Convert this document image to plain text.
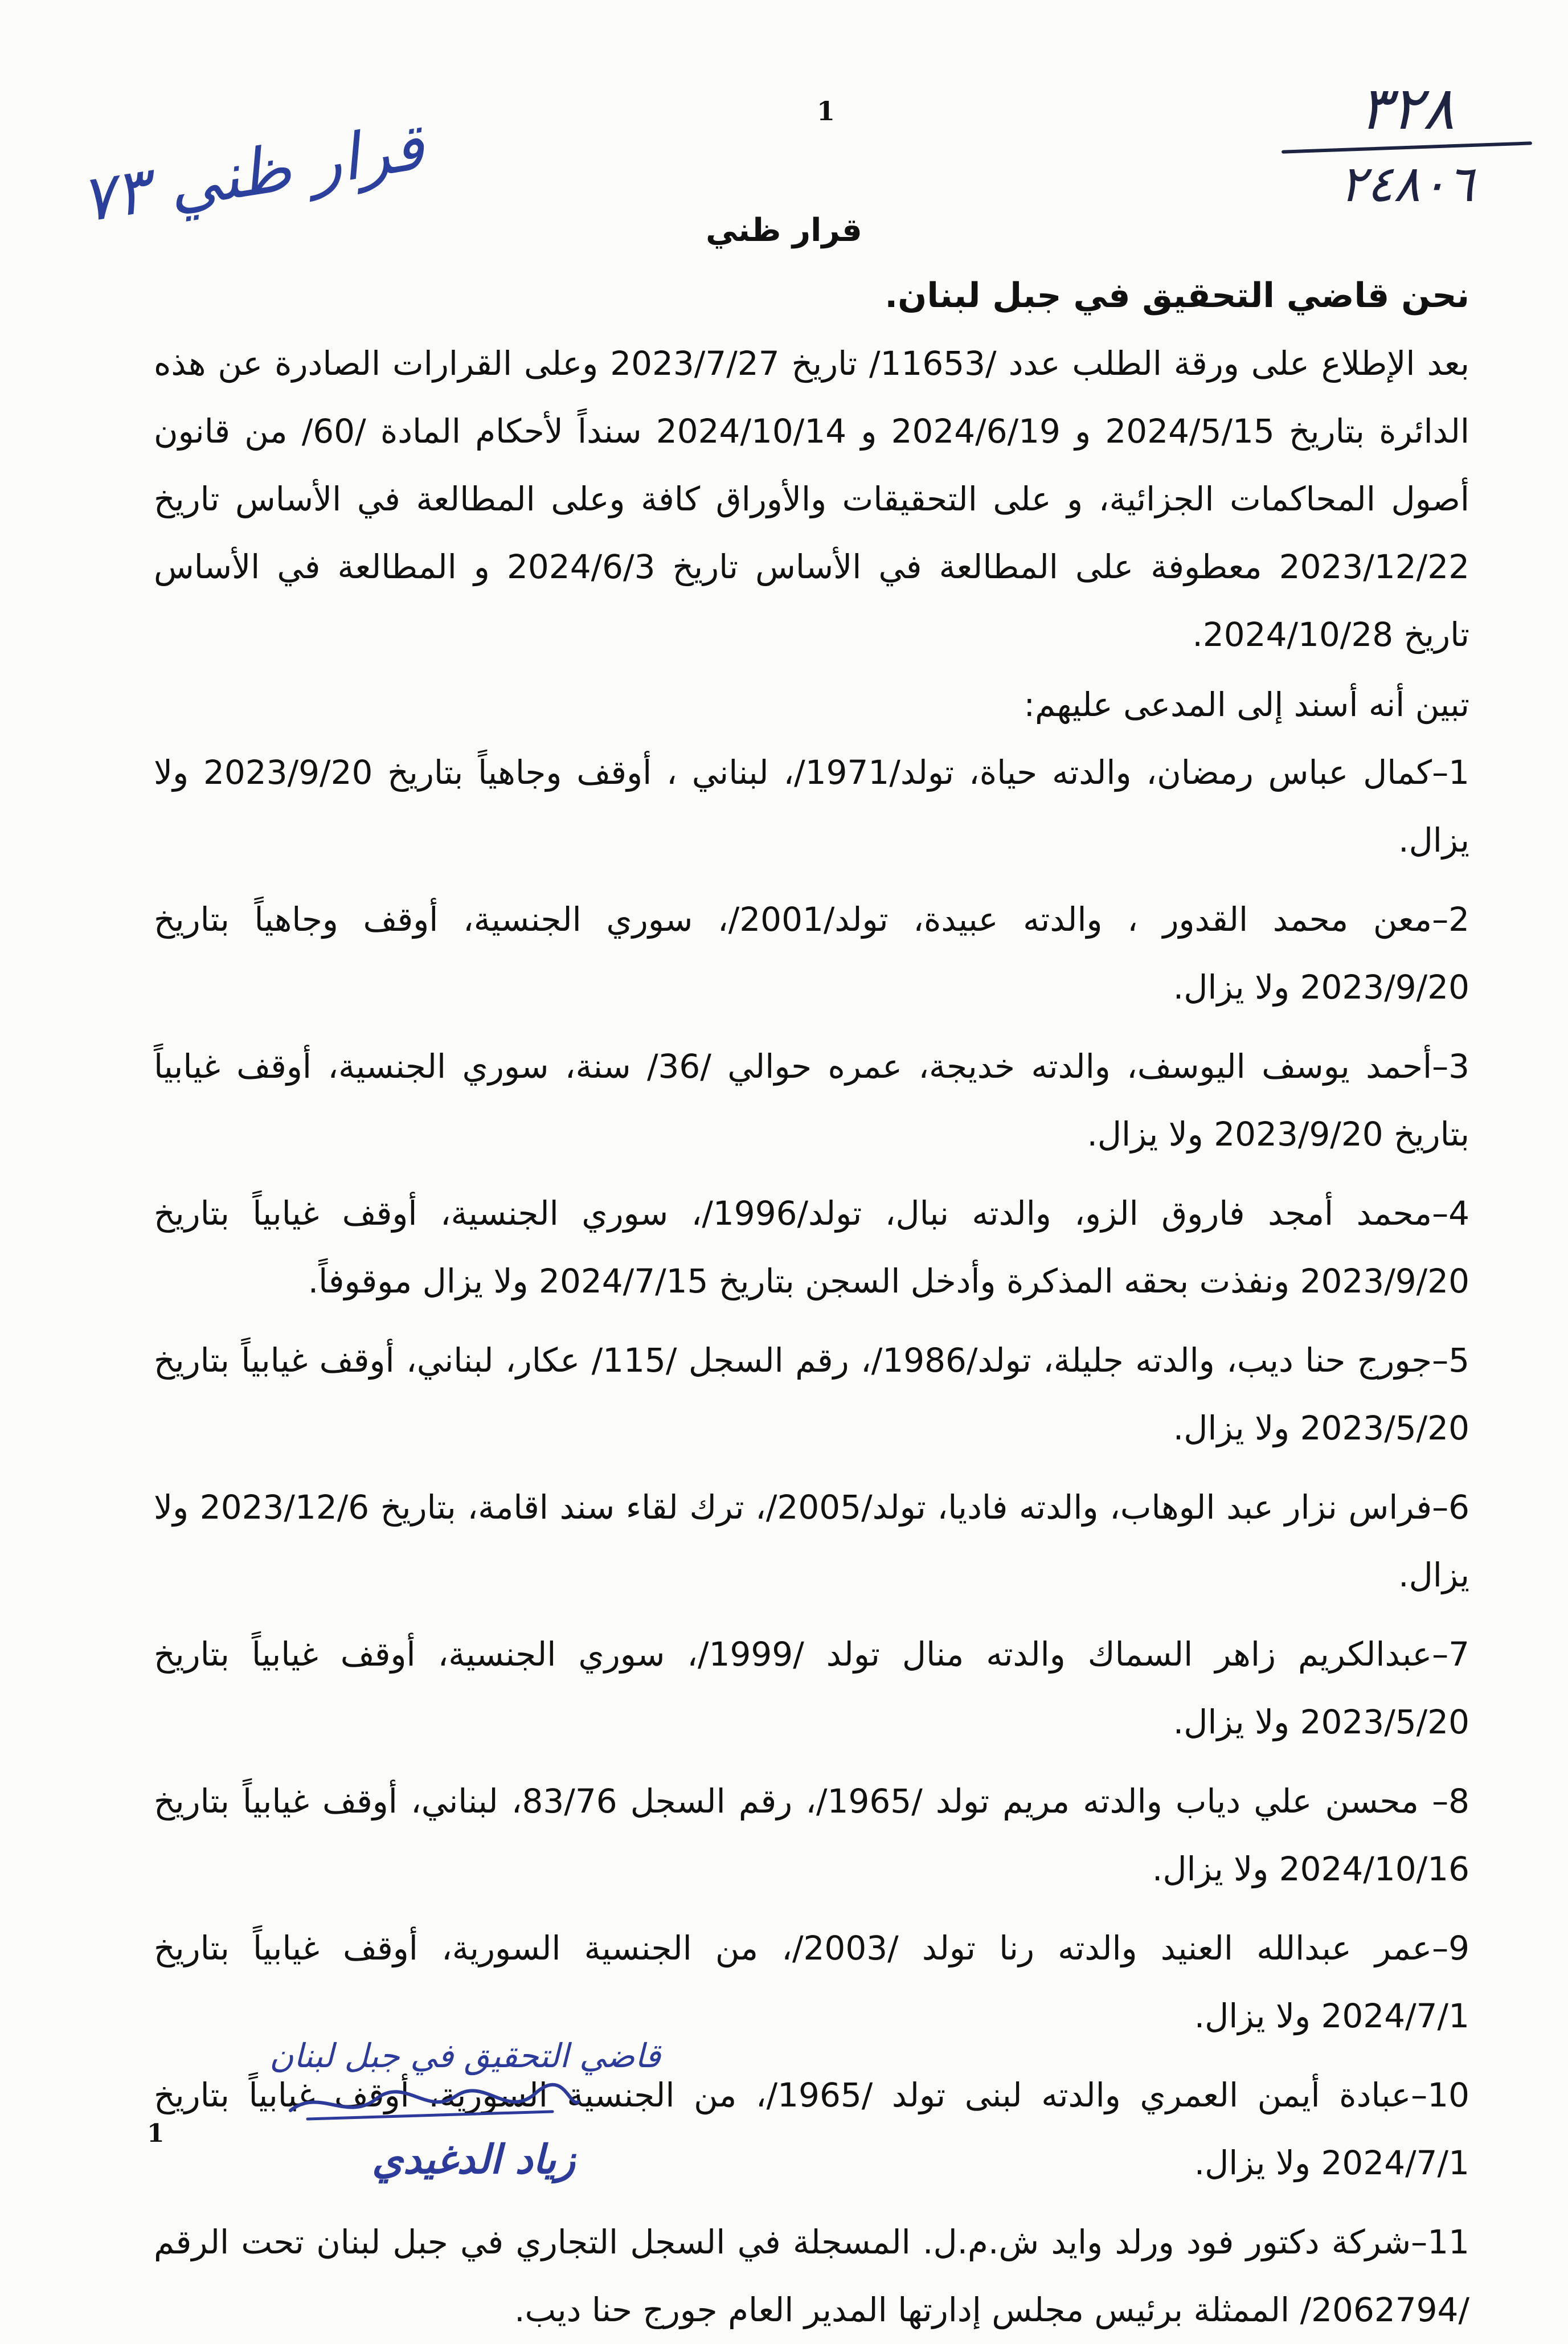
1
قرار ظني ٧٣
٣٢٨
٢٤٨٠٦
قرار ظني

نحن قاضي التحقيق في جبل لبنان.

بعد الإطلاع على ورقة الطلب عدد /11653/ تاريخ 2023/7/27 وعلى القرارات الصادرة عن هذه الدائرة بتاريخ 2024/5/15 و 2024/6/19 و 2024/10/14 سنداً لأحكام المادة /60/ من قانون أصول المحاكمات الجزائية، و على التحقيقات والأوراق كافة وعلى المطالعة في الأساس تاريخ 2023/12/22 معطوفة على المطالعة في الأساس تاريخ 2024/6/3 و المطالعة في الأساس تاريخ 2024/10/28.

تبين أنه أسند إلى المدعى عليهم:

1–كمال عباس رمضان، والدته حياة، تولد/1971/، لبناني ، أوقف وجاهياً بتاريخ 2023/9/20 ولا يزال.

2–معن محمد القدور ، والدته عبيدة، تولد/2001/، سوري الجنسية، أوقف وجاهياً بتاريخ 2023/9/20 ولا يزال.

3–أحمد يوسف اليوسف، والدته خديجة، عمره حوالي /36/ سنة، سوري الجنسية، أوقف غيابياً بتاريخ 2023/9/20 ولا يزال.

4–محمد أمجد فاروق الزو، والدته نبال، تولد/1996/، سوري الجنسية، أوقف غيابياً بتاريخ 2023/9/20 ونفذت بحقه المذكرة وأدخل السجن بتاريخ 2024/7/15 ولا يزال موقوفاً.

5–جورج حنا ديب، والدته جليلة، تولد/1986/، رقم السجل /115/ عكار، لبناني، أوقف غيابياً بتاريخ 2023/5/20 ولا يزال.

6–فراس نزار عبد الوهاب، والدته فاديا، تولد/2005/، ترك لقاء سند اقامة، بتاريخ 2023/12/6 ولا يزال.

7–عبدالكريم زاهر السماك والدته منال تولد /1999/، سوري الجنسية، أوقف غيابياً بتاريخ 2023/5/20 ولا يزال.

8– محسن علي دياب والدته مريم تولد /1965/، رقم السجل 83/76، لبناني، أوقف غيابياً بتاريخ 2024/10/16 ولا يزال.

9–عمر عبدالله العنيد والدته رنا تولد /2003/، من الجنسية السورية، أوقف غيابياً بتاريخ 2024/7/1 ولا يزال.

10–عبادة أيمن العمري والدته لبنى تولد /1965/، من الجنسية السورية، أوقف غيابياً بتاريخ 2024/7/1 ولا يزال.

11–شركة دكتور فود ورلد وايد ش.م.ل. المسجلة في السجل التجاري في جبل لبنان تحت الرقم /2062794/ الممثلة برئيس مجلس إدارتها المدير العام جورج حنا ديب.

قاضي التحقيق في جبل لبنان
زياد الدغيدي
1
